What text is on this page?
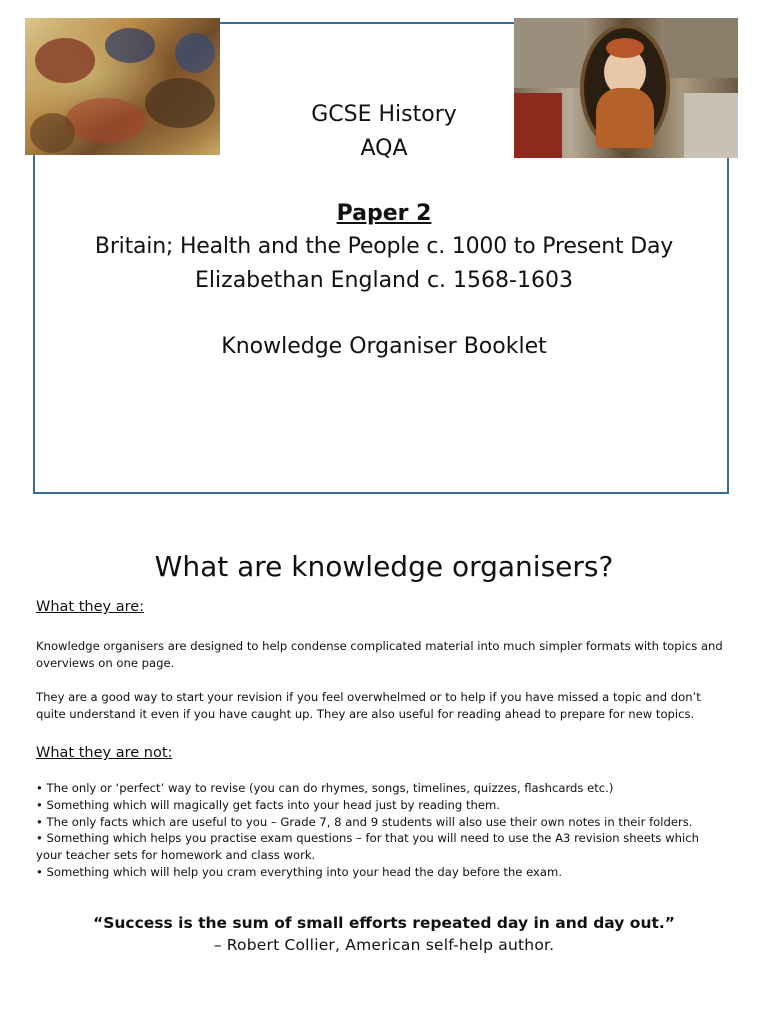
GCSE History
AQA
Paper 2
Britain; Health and the People c. 1000 to Present Day
Elizabethan England c. 1568-1603
Knowledge Organiser Booklet
What are knowledge organisers?
What they are:
Knowledge organisers are designed to help condense complicated material into much simpler formats with topics and overviews on one page.
They are a good way to start your revision if you feel overwhelmed or to help if you have missed a topic and don’t quite understand it even if you have caught up. They are also useful for reading ahead to prepare for new topics.
What they are not:
• The only or ‘perfect’ way to revise (you can do rhymes, songs, timelines, quizzes, flashcards etc.)
• Something which will magically get facts into your head just by reading them.
• The only facts which are useful to you – Grade 7, 8 and 9 students will also use their own notes in their folders.
• Something which helps you practise exam questions – for that you will need to use the A3 revision sheets which your teacher sets for homework and class work.
• Something which will help you cram everything into your head the day before the exam.
“Success is the sum of small efforts repeated day in and day out.”
– Robert Collier, American self-help author.
